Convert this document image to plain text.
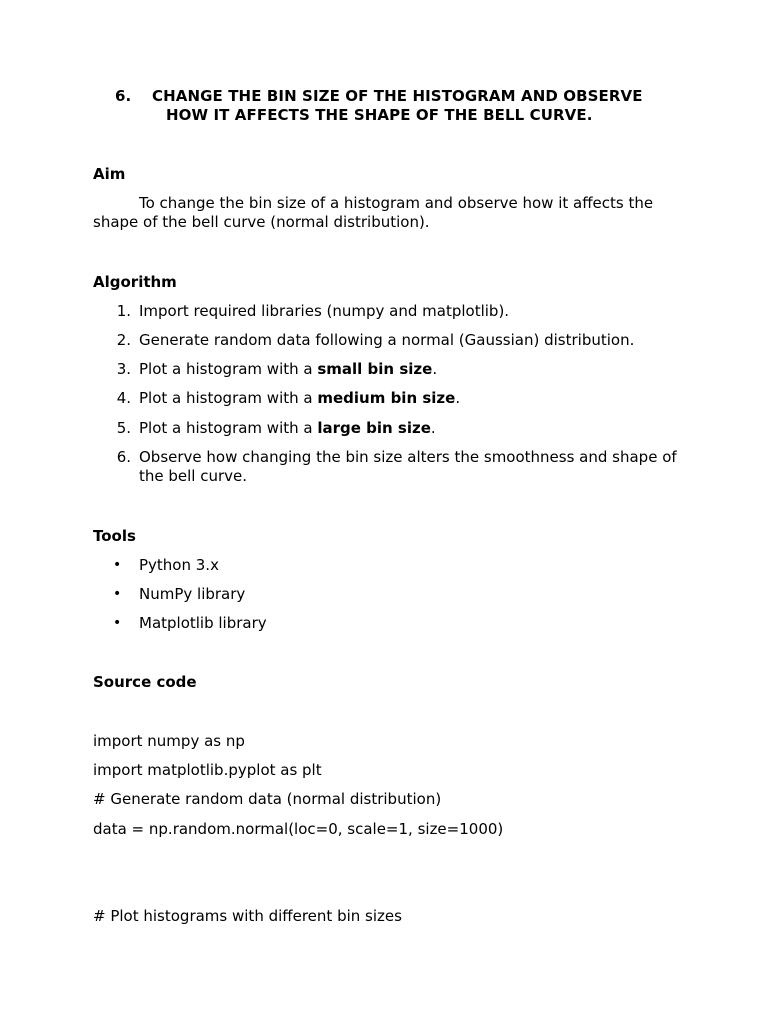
6. CHANGE THE BIN SIZE OF THE HISTOGRAM AND OBSERVE
HOW IT AFFECTS THE SHAPE OF THE BELL CURVE.
Aim
To change the bin size of a histogram and observe how it affects the shape of the bell curve (normal distribution).
Algorithm
1. Import required libraries (numpy and matplotlib).
2. Generate random data following a normal (Gaussian) distribution.
3. Plot a histogram with a small bin size.
4. Plot a histogram with a medium bin size.
5. Plot a histogram with a large bin size.
6. Observe how changing the bin size alters the smoothness and shape of the bell curve.
Tools
• Python 3.x
• NumPy library
• Matplotlib library
Source code
import numpy as np
import matplotlib.pyplot as plt
# Generate random data (normal distribution)
data = np.random.normal(loc=0, scale=1, size=1000)
# Plot histograms with different bin sizes
